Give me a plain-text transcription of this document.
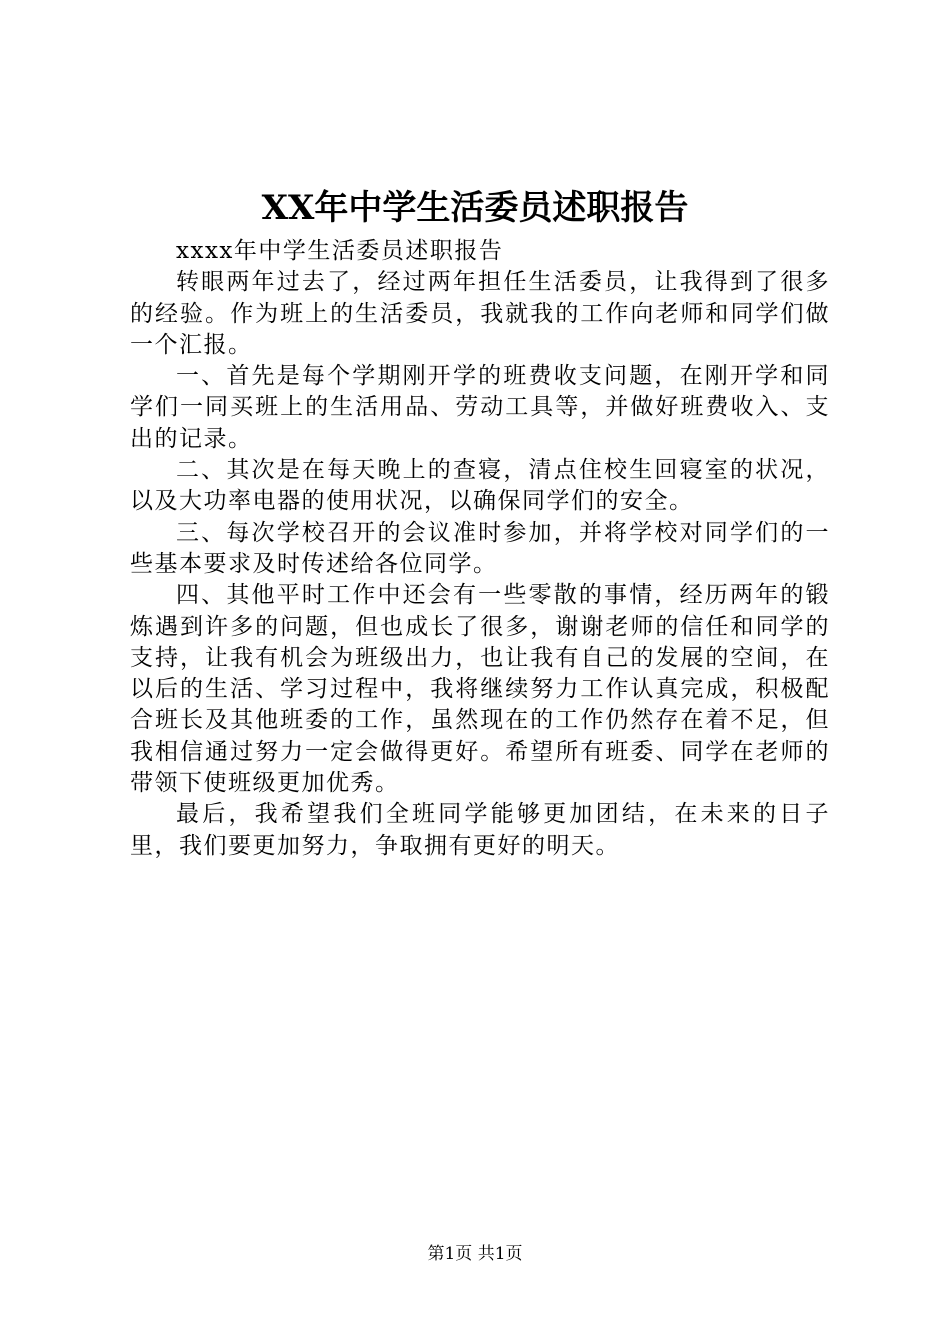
XX年中学生活委员述职报告

xxxx年中学生活委员述职报告

转眼两年过去了，经过两年担任生活委员，让我得到了很多的经验。作为班上的生活委员，我就我的工作向老师和同学们做一个汇报。

一、首先是每个学期刚开学的班费收支问题，在刚开学和同学们一同买班上的生活用品、劳动工具等，并做好班费收入、支出的记录。

二、其次是在每天晚上的查寝，清点住校生回寝室的状况，以及大功率电器的使用状况，以确保同学们的安全。

三、每次学校召开的会议准时参加，并将学校对同学们的一些基本要求及时传述给各位同学。

四、其他平时工作中还会有一些零散的事情，经历两年的锻炼遇到许多的问题，但也成长了很多，谢谢老师的信任和同学的支持，让我有机会为班级出力，也让我有自己的发展的空间，在以后的生活、学习过程中，我将继续努力工作认真完成，积极配合班长及其他班委的工作，虽然现在的工作仍然存在着不足，但我相信通过努力一定会做得更好。希望所有班委、同学在老师的带领下使班级更加优秀。

最后，我希望我们全班同学能够更加团结，在未来的日子里，我们要更加努力，争取拥有更好的明天。

第1页 共1页
